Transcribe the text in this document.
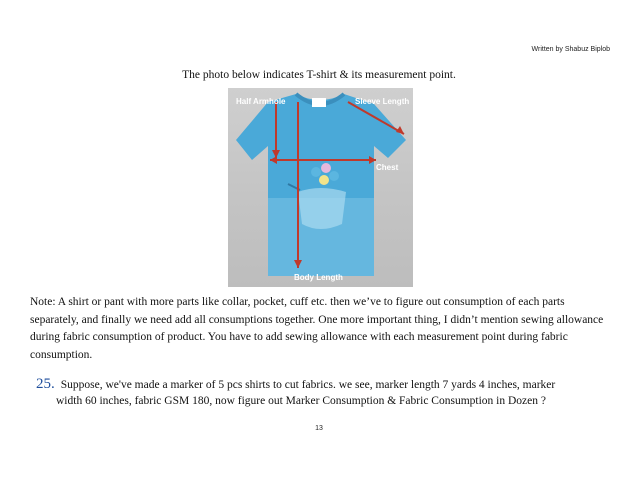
Written by Shabuz Biplob
The photo below indicates T-shirt & its measurement point.
Half Armhole	Sleeve Length
Chest
Body Length
Note: A shirt or pant with more parts like collar, pocket, cuff etc. then we’ve to figure out consumption of each parts separately, and finally we need add all consumptions together. One more important thing, I didn’t mention sewing allowance during fabric consumption of product. You have to add sewing allowance with each measurement point during fabric consumption.
25. Suppose, we've made a marker of 5 pcs shirts to cut fabrics. we see, marker length 7 yards 4 inches, marker
width 60 inches, fabric GSM 180, now figure out Marker Consumption & Fabric Consumption in Dozen ?
13
